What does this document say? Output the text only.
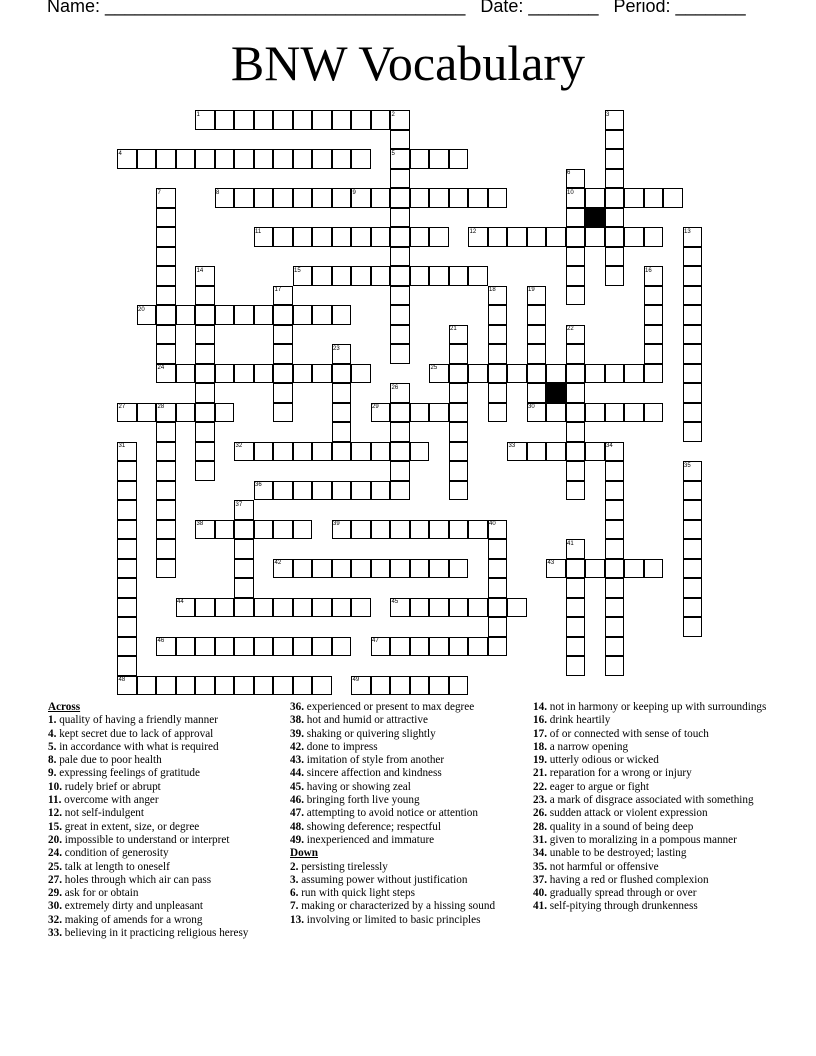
Name: ____________________________________   Date: _______   Period: _______
BNW Vocabulary
1	2	3
4	5
6
7	8	9	10
11	12	13
14	15	16
17	18	19
20
21	22
23
24	25
26
27	28	29	30
31	32	33	34
35
36
37
38	39	40
41
42	43
44	45
46	47
48	49
Across
1. quality of having a friendly manner
4. kept secret due to lack of approval
5. in accordance with what is required
8. pale due to poor health
9. expressing feelings of gratitude
10. rudely brief or abrupt
11. overcome with anger
12. not self-indulgent
15. great in extent, size, or degree
20. impossible to understand or interpret
24. condition of generosity
25. talk at length to oneself
27. holes through which air can pass
29. ask for or obtain
30. extremely dirty and unpleasant
32. making of amends for a wrong
33. believing in it practicing religious heresy
36. experienced or present to max degree
38. hot and humid or attractive
39. shaking or quivering slightly
42. done to impress
43. imitation of style from another
44. sincere affection and kindness
45. having or showing zeal
46. bringing forth live young
47. attempting to avoid notice or attention
48. showing deference; respectful
49. inexperienced and immature
Down
2. persisting tirelessly
3. assuming power without justification
6. run with quick light steps
7. making or characterized by a hissing sound
13. involving or limited to basic principles
14. not in harmony or keeping up with surroundings
16. drink heartily
17. of or connected with sense of touch
18. a narrow opening
19. utterly odious or wicked
21. reparation for a wrong or injury
22. eager to argue or fight
23. a mark of disgrace associated with something
26. sudden attack or violent expression
28. quality in a sound of being deep
31. given to moralizing in a pompous manner
34. unable to be destroyed; lasting
35. not harmful or offensive
37. having a red or flushed complexion
40. gradually spread through or over
41. self-pitying through drunkenness
